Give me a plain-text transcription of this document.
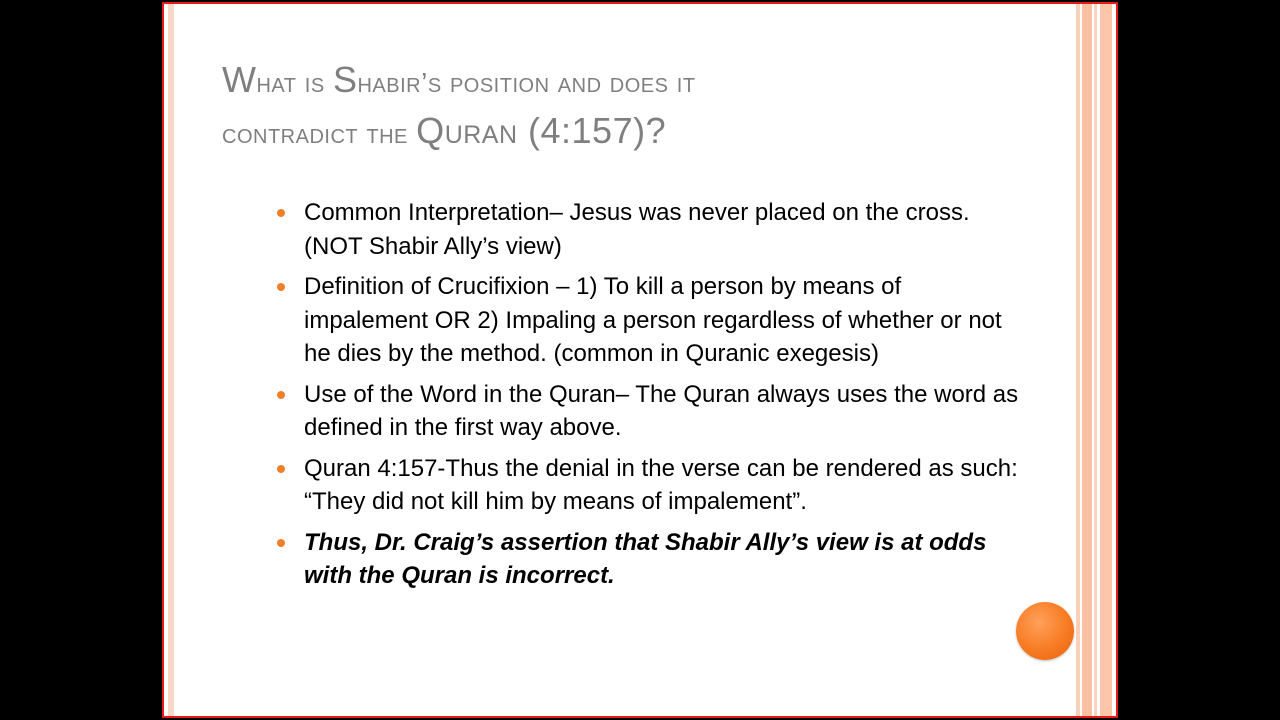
What is Shabir’s position and does it
contradict the Quran (4:157)?
Common Interpretation– Jesus was never placed on the cross. (NOT Shabir Ally’s view)
Definition of Crucifixion – 1) To kill a person by means of impalement OR 2) Impaling a person regardless of whether or not he dies by the method. (common in Quranic exegesis)
Use of the Word in the Quran– The Quran always uses the word as defined in the first way above.
Quran 4:157-Thus the denial in the verse can be rendered as such: “They did not kill him by means of impalement”.
Thus, Dr. Craig’s assertion that Shabir Ally’s view is at odds with the Quran is incorrect.
